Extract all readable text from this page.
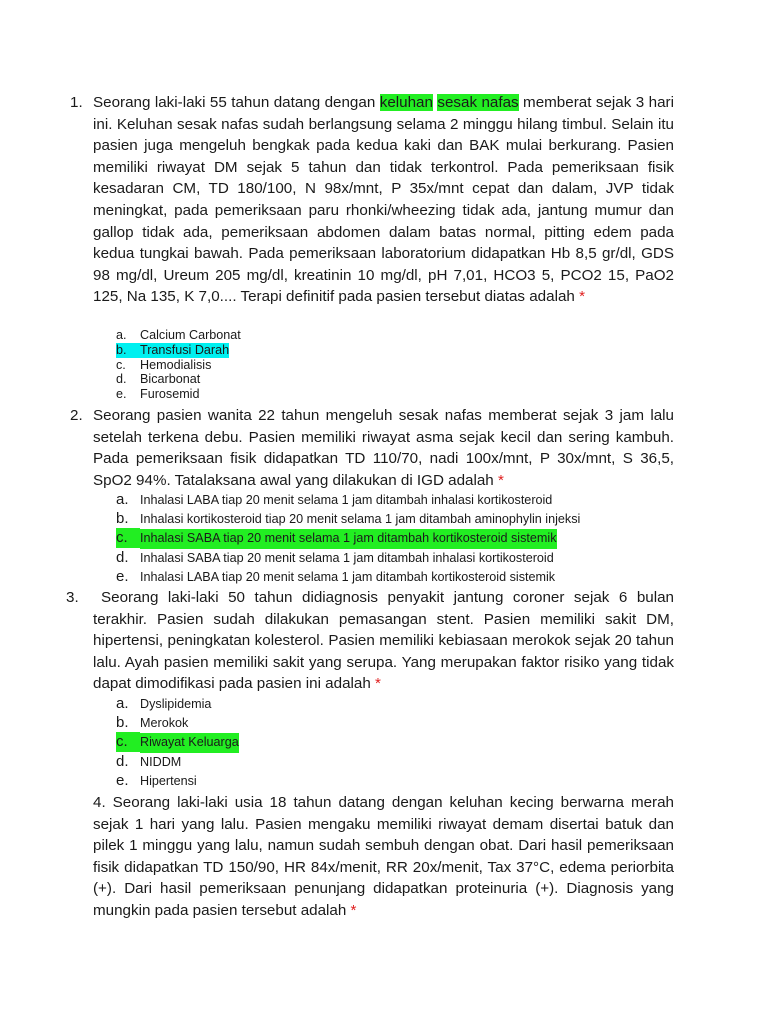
1. Seorang laki-laki 55 tahun datang dengan keluhan sesak nafas memberat sejak 3 hari ini. Keluhan sesak nafas sudah berlangsung selama 2 minggu hilang timbul. Selain itu pasien juga mengeluh bengkak pada kedua kaki dan BAK mulai berkurang. Pasien memiliki riwayat DM sejak 5 tahun dan tidak terkontrol. Pada pemeriksaan fisik kesadaran CM, TD 180/100, N 98x/mnt, P 35x/mnt cepat dan dalam, JVP tidak meningkat, pada pemeriksaan paru rhonki/wheezing tidak ada, jantung mumur dan gallop tidak ada, pemeriksaan abdomen dalam batas normal, pitting edem pada kedua tungkai bawah. Pada pemeriksaan laboratorium didapatkan Hb 8,5 gr/dl, GDS 98 mg/dl, Ureum 205 mg/dl, kreatinin 10 mg/dl, pH 7,01, HCO3 5, PCO2 15, PaO2 125, Na 135, K 7,0.... Terapi definitif pada pasien tersebut diatas adalah *
a.	Calcium Carbonat
b.	Transfusi Darah
c.	Hemodialisis
d.	Bicarbonat
e.	Furosemid
2. Seorang pasien wanita 22 tahun mengeluh sesak nafas memberat sejak 3 jam lalu setelah terkena debu. Pasien memiliki riwayat asma sejak kecil dan sering kambuh. Pada pemeriksaan fisik didapatkan TD 110/70, nadi 100x/mnt, P 30x/mnt, S 36,5, SpO2 94%. Tatalaksana awal yang dilakukan di IGD adalah *
a. Inhalasi LABA tiap 20 menit selama 1 jam ditambah inhalasi kortikosteroid
b. Inhalasi kortikosteroid tiap 20 menit selama 1 jam ditambah aminophylin injeksi
c. Inhalasi SABA tiap 20 menit selama 1 jam ditambah kortikosteroid sistemik
d. Inhalasi SABA tiap 20 menit selama 1 jam ditambah inhalasi kortikosteroid
e. Inhalasi LABA tiap 20 menit selama 1 jam ditambah kortikosteroid sistemik
3.	Seorang laki-laki 50 tahun didiagnosis penyakit jantung coroner sejak 6 bulan terakhir. Pasien sudah dilakukan pemasangan stent. Pasien memiliki sakit DM, hipertensi, peningkatan kolesterol. Pasien memiliki kebiasaan merokok sejak 20 tahun lalu. Ayah pasien memiliki sakit yang serupa. Yang merupakan faktor risiko yang tidak dapat dimodifikasi pada pasien ini adalah *
a. Dyslipidemia
b. Merokok
c. Riwayat Keluarga
d. NIDDM
e. Hipertensi
4. Seorang laki-laki usia 18 tahun datang dengan keluhan kecing berwarna merah sejak 1 hari yang lalu. Pasien mengaku memiliki riwayat demam disertai batuk dan pilek 1 minggu yang lalu, namun sudah sembuh dengan obat. Dari hasil pemeriksaan fisik didapatkan TD 150/90, HR 84x/menit, RR 20x/menit, Tax 37°C, edema periorbita (+). Dari hasil pemeriksaan penunjang didapatkan proteinuria (+). Diagnosis yang mungkin pada pasien tersebut adalah *
